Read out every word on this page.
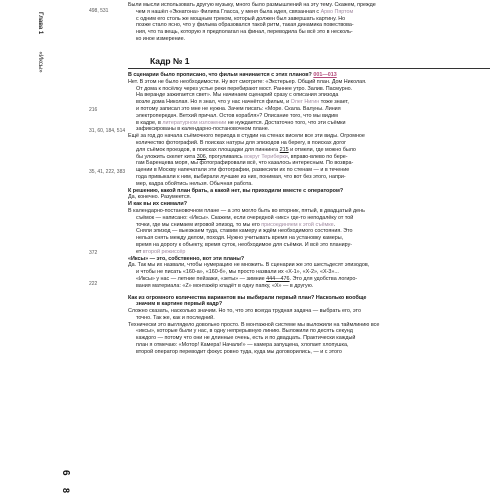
Глава 1  «Иксы»
6
8
498, 531
216
31, 60, 184, 514
35, 41, 222, 383
372
222

Были мысли использовать другую музыку, много было размышлений на эту тему. Скажем, прежде

чем я нашёл «Экнатона» Филипа Гласса, у меня была идея, связанная с Арво Пяртом

с одним его столь же мощным треком, который должен был завершать картину. Но

позже стало ясно, что у фильма образовался такой ритм, такая динамика повествова-

ния, что та вещь, которую я предполагал на финал, переводила бы всё это в несколь-

ко иное измерение.

Кадр № 1

В сценарии было прописано, что фильм начинается с этих планов? 001—013

Нет. В этом не было необходимости. Ну вот смотрите: «Экстерьер. Общий план. Дом Николая.

От дома к посёлку через устье реки перебирают мост. Раннее утро. Залив. Пасмурно.

На веранде зажигается свет». Мы начинаем сценарий сразу с описания эпизода

возле дома Николая. Но я знал, что у нас начнётся фильм, и Олег Нигин тоже знает,

и потому записал это мне не нужна. Зачем писать: «Море. Скала. Валуны. Линия

электропередач. Ветхий причал. Остов корабля»? Описание того, что мы видим

в кадре, в литературном изложении не нуждается. Достаточно того, что эти съёмки

зафиксированы в календарно-постановочном плане.

Ещё за год до начала съёмочного периода в студии на стенах висели все эти виды. Огромное

количество фотографий. В поисках натуры для эпизодов на берегу, в поисках догог

для съёмок проездов, в поисках площадки для пиннинга 215 и отмели, где можно было

бы уложить скелет кита 306, прогуливаясь вокруг Териберки, вправо-влево по бере-

гам Баренцева моря, мы фотографировали всё, что казалось интересным. По возвра-

щении в Москву напечатали эти фотографии, развесили их по стенам — и в течение

года привыкали к ним, выбирали лучшие из них, понимая, что вот без этого, напри-

мер, кадра обойтись нельзя. Обычная работа.

К решению, какой план брать, а какой нет, вы приходили вместе с оператором?

Да, конечно. Разумеется.

И как вы их снимали?

В календарно-постановочном плане — а это могло быть во вторник, пятый, в двадцатый день

съёмок — написано: «Иксы». Скажем, если очередной «икс» где-то неподалёку от той

точки, где мы снимаем игровой эпизод, то мы его присоединяем к этой съёмке.

Сняли эпизод — выезжаем туда, ставим камеру и ждём необходимого состояния. Это

нельзя снять между делом, походя. Нужно учитывать время на установку камеры,

время на дорогу к объекту, время суток, необходимое для съёмки. И всё это планиру-

ет второй режиссёр

«Иксы» — это, собственно, вот эти планы?

Да. Так мы их назвали, чтобы нумерацию не множить. В сценарии же это шестьдесят эпизодов,

и чтобы не писать «160-а», «160-б», мы просто назвали их «Х-1», «Х-2», «Х-3»...

«Иксы» у нас — летние пейзажи, «зеты» — зимние 444—476. Это для удобства логиро-

вания материала: «Z» монтажёр кладёт в одну папку, «Х» — в другую.

Как из огромного количества вариантов вы выбирали первый план? Насколько вообще

значим в картине первый кадр?

Сложно сказать, насколько значим. Но то, что это всегда трудная задача — выбрать его, это

точно. Так же, как и последний.

Технически это выглядело довольно просто. В монтажной системе мы выложили на таймлинию все

«иксы», которые были у нас, в одну непрерывную линию. Выложили по десять секунд

каждого — потому что они не длинные очень, есть и по двадцать. Практически каждый

план я отмечаю: «Мотор! Камера! Начали!» — камера запущена, хлопает хлопушка,

второй оператор переводит фокус ровно туда, куда мы договорились, — и с этого
